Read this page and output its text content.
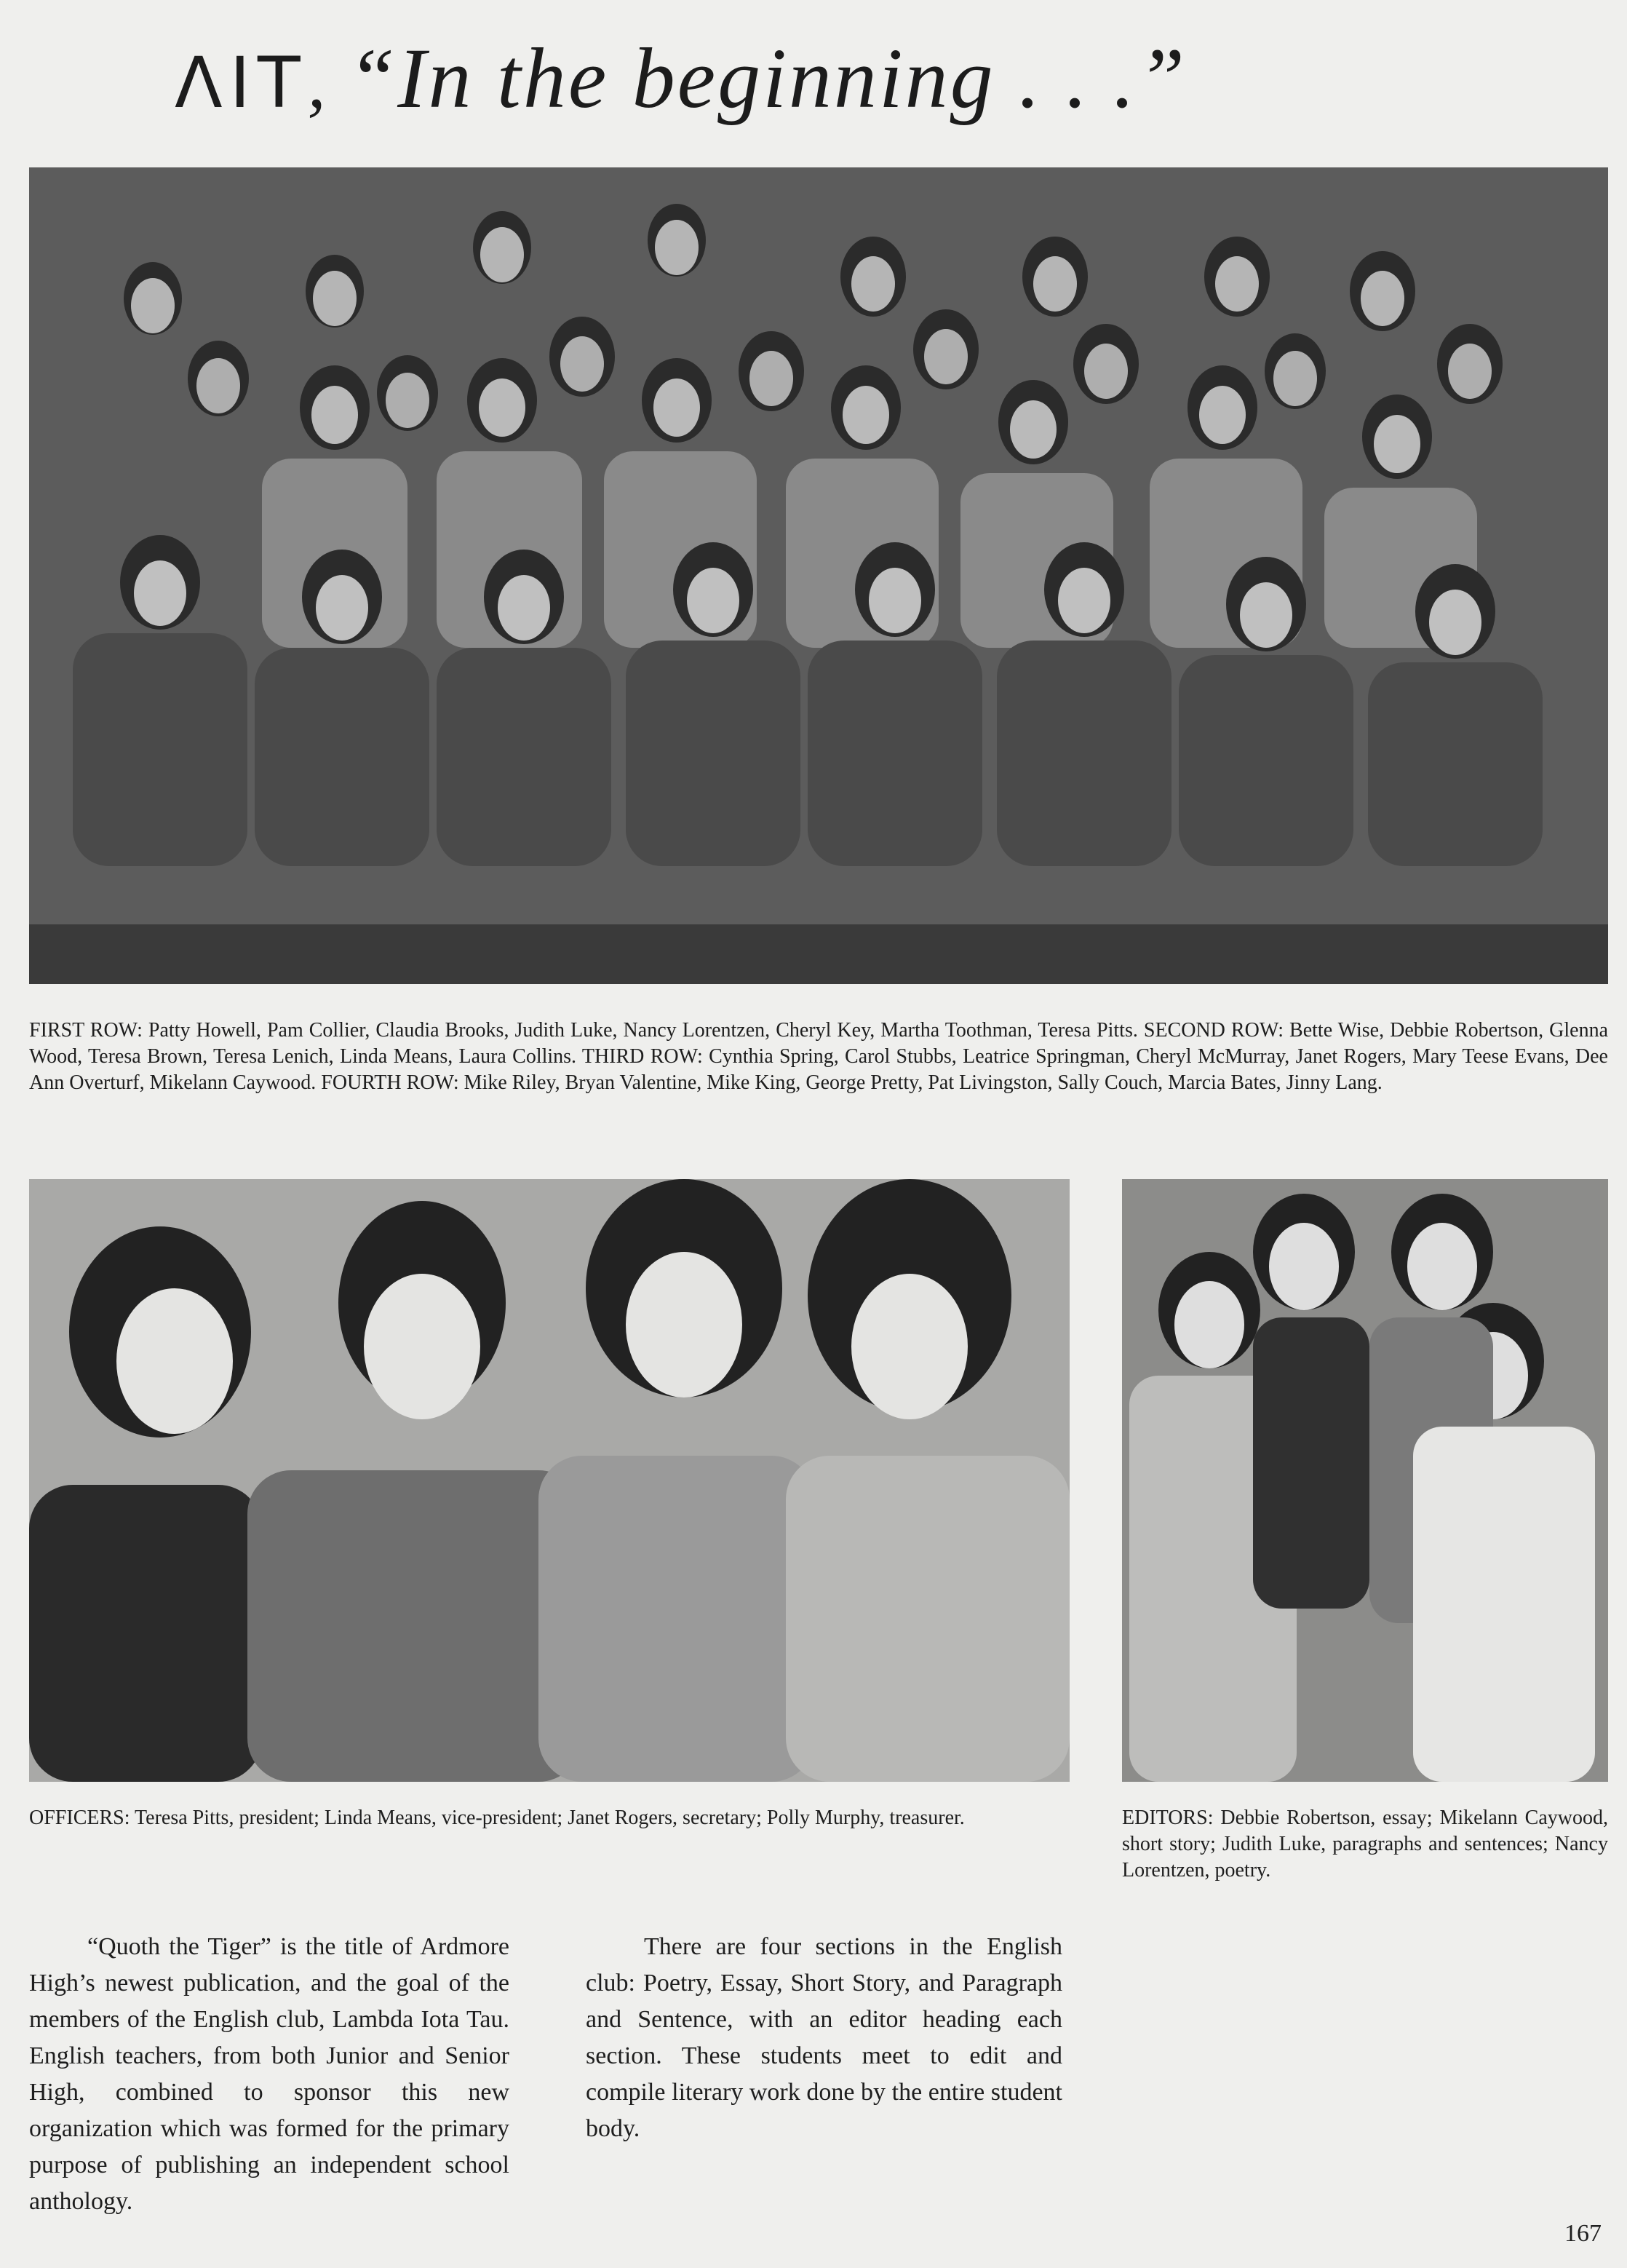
ΛΙΤ , “In the beginning . . .”
FIRST ROW: Patty Howell, Pam Collier, Claudia Brooks, Judith Luke, Nancy Lorentzen, Cheryl Key, Martha Toothman, Teresa Pitts. SECOND ROW: Bette Wise, Debbie Robertson, Glenna Wood, Teresa Brown, Teresa Lenich, Linda Means, Laura Collins. THIRD ROW: Cynthia Spring, Carol Stubbs, Leatrice Springman, Cheryl McMurray, Janet Rogers, Mary Teese Evans, Dee Ann Overturf, Mikelann Caywood. FOURTH ROW: Mike Riley, Bryan Valentine, Mike King, George Pretty, Pat Livingston, Sally Couch, Marcia Bates, Jinny Lang.
OFFICERS: Teresa Pitts, president; Linda Means, vice-president; Janet Rogers, secretary; Polly Murphy, treasurer.	EDITORS: Debbie Robertson, essay; Mikelann Caywood, short story; Judith Luke, paragraphs and sentences; Nancy Lorentzen, poetry.
“Quoth the Tiger” is the title of Ardmore High’s newest publication, and the goal of the members of the English club, Lambda Iota Tau. English teachers, from both Junior and Senior High, combined to sponsor this new organization which was formed for the primary purpose of publishing an independent school anthology.
There are four sections in the English club: Poetry, Essay, Short Story, and Paragraph and Sentence, with an editor heading each section. These students meet to edit and compile literary work done by the entire student body.
167
